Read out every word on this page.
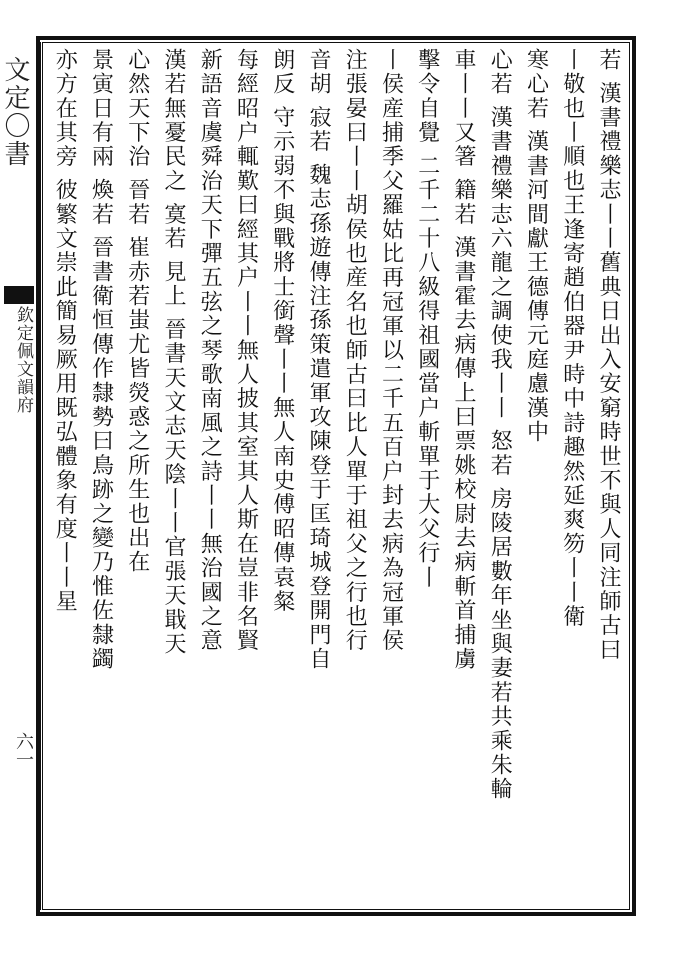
文定〇書
欽定佩文韻府
六一
若 漢書禮樂志丨丨舊典日出入安窮時世不與人同注師古曰
丨敬也丨順也王逢寄趙伯器尹時中詩趣然延爽笏丨丨衛
寒心若 漢書河間獻王德傳元庭慮漢中
心若 漢書禮樂志六龍之調使我丨丨 怒若 房陵居數年坐與妻若共乘朱輪
車丨丨又箸 籍若 漢書霍去病傳上曰票姚校尉去病斬首捕虜
擊令自覺 二千二十八級得祖國當户斬單于大父行丨
丨侯産捕季父羅姑比再冠軍以二千五百户封去病為冠軍侯
注張晏曰丨丨胡侯也産名也師古曰比人單于祖父之行也行
音胡 寂若 魏志孫遊傳注孫策遣軍攻陳登于匡琦城登開門自
朗反 守示弱不與戰將士銜聲丨丨無人南史傅昭傳袁粲
每經昭户輒歎曰經其户丨丨無人披其室其人斯在豈非名賢
新語音虞舜治天下彈五弦之琴歌南風之詩丨丨無治國之意
漢若無憂民之 寞若 見上 晉書天文志天陰丨丨官張天戢天
心然天下治 晉若 崔赤若蚩尤皆熒惑之所生也出在
景寅日有兩 煥若 晉書衛恒傳作隸勢曰鳥跡之變乃惟佐隸蠲
亦方在其旁 彼繁文崇此簡易厥用既弘體象有度丨丨星
